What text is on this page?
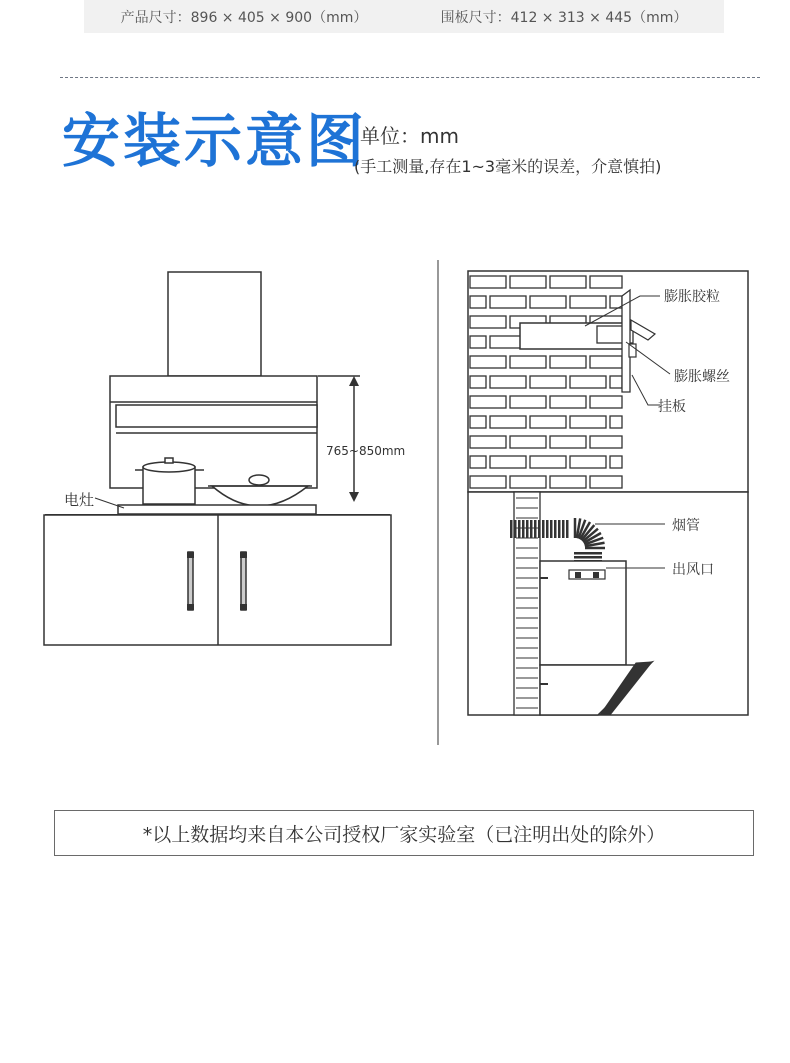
产品尺寸：896 × 405 × 900（mm）	围板尺寸：412 × 313 × 445（mm）
安装示意图
单位：mm
(手工测量,存在1~3毫米的误差，介意慎拍)
765~850mm
电灶
膨胀胶粒
膨胀螺丝
挂板
烟管
出风口
*以上数据均来自本公司授权厂家实验室（已注明出处的除外）
